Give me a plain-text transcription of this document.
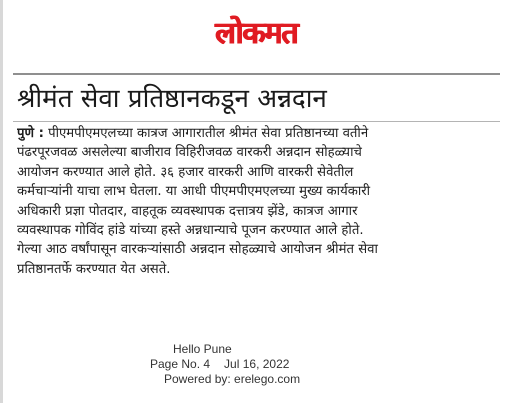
लोकमत
श्रीमंत सेवा प्रतिष्ठानकडून अन्नदान
पुणे : पीएमपीएमएलच्या कात्रज आगारातील श्रीमंत सेवा प्रतिष्ठानच्या वतीने
पंढरपूरजवळ असलेल्या बाजीराव विहिरीजवळ वारकरी अन्नदान सोहळ्याचे
आयोजन करण्यात आले होते. ३६ हजार वारकरी आणि वारकरी सेवेतील
कर्मचाऱ्यांनी याचा लाभ घेतला. या आधी पीएमपीएमएलच्या मुख्य कार्यकारी
अधिकारी प्रज्ञा पोतदार, वाहतूक व्यवस्थापक दत्तात्रय झेंडे, कात्रज आगार
व्यवस्थापक गोविंद हांडे यांच्या हस्ते अन्नधान्याचे पूजन करण्यात आले होते.
गेल्या आठ वर्षांपासून वारकऱ्यांसाठी अन्नदान सोहळ्याचे आयोजन श्रीमंत सेवा
प्रतिष्ठानतर्फे करण्यात येत असते.
Hello Pune
Page No. 4 Jul 16, 2022
Powered by: erelego.com
